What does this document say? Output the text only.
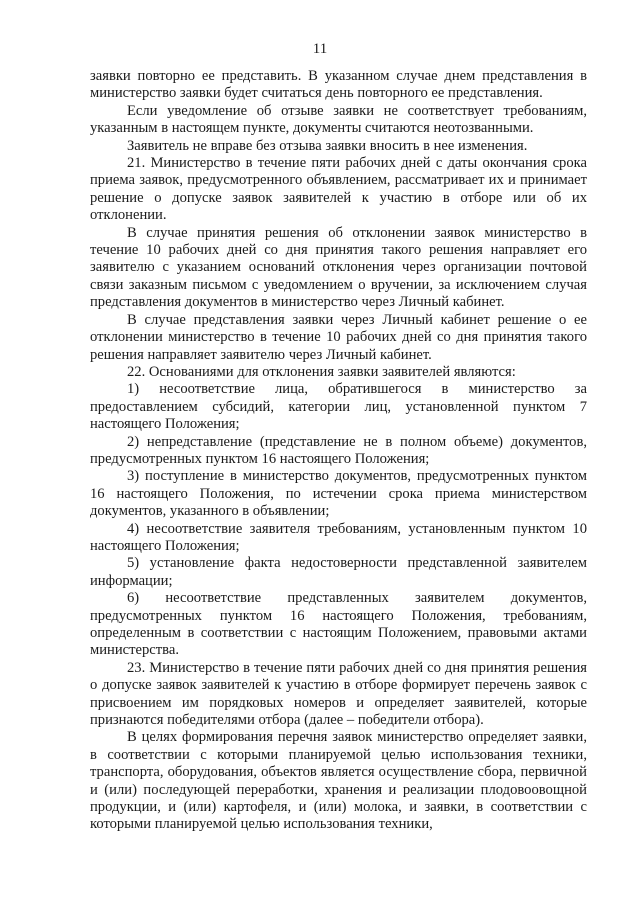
11

заявки повторно ее представить. В указанном случае днем представления в министерство заявки будет считаться день повторного ее представления.

Если уведомление об отзыве заявки не соответствует требованиям, указанным в настоящем пункте, документы считаются неотозванными.

Заявитель не вправе без отзыва заявки вносить в нее изменения.

21. Министерство в течение пяти рабочих дней с даты окончания срока приема заявок, предусмотренного объявлением, рассматривает их и принимает решение о допуске заявок заявителей к участию в отборе или об их отклонении.

В случае принятия решения об отклонении заявок министерство в течение 10 рабочих дней со дня принятия такого решения направляет его заявителю с указанием оснований отклонения через организации почтовой связи заказным письмом с уведомлением о вручении, за исключением случая представления документов в министерство через Личный кабинет.

В случае представления заявки через Личный кабинет решение о ее отклонении министерство в течение 10 рабочих дней со дня принятия такого решения направляет заявителю через Личный кабинет.

22. Основаниями для отклонения заявки заявителей являются:

1) несоответствие лица, обратившегося в министерство за предоставлением субсидий, категории лиц, установленной пунктом 7 настоящего Положения;

2) непредставление (представление не в полном объеме) документов, предусмотренных пунктом 16 настоящего Положения;

3) поступление в министерство документов, предусмотренных пунктом 16 настоящего Положения, по истечении срока приема министерством документов, указанного в объявлении;

4) несоответствие заявителя требованиям, установленным пунктом 10 настоящего Положения;

5) установление факта недостоверности представленной заявителем информации;

6) несоответствие представленных заявителем документов, предусмотренных пунктом 16 настоящего Положения, требованиям, определенным в соответствии с настоящим Положением, правовыми актами министерства.

23. Министерство в течение пяти рабочих дней со дня принятия решения о допуске заявок заявителей к участию в отборе формирует перечень заявок с присвоением им порядковых номеров и определяет заявителей, которые признаются победителями отбора (далее – победители отбора).

В целях формирования перечня заявок министерство определяет заявки, в соответствии с которыми планируемой целью использования техники, транспорта, оборудования, объектов является осуществление сбора, первичной и (или) последующей переработки, хранения и реализации плодовоовощной продукции, и (или) картофеля, и (или) молока, и заявки, в соответствии с которыми планируемой целью использования техники,
